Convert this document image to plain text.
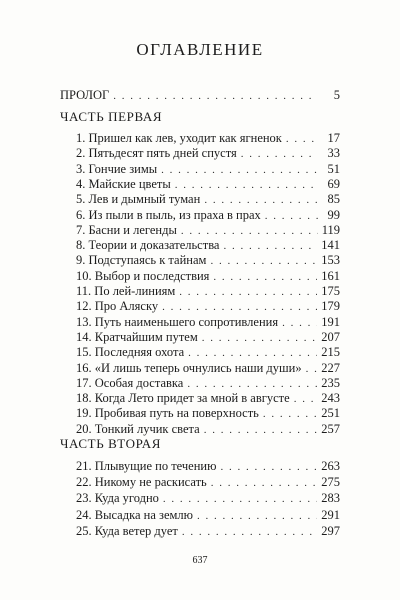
ОГЛАВЛЕНИЕ
ПРОЛОГ . . .	5
ЧАСТЬ ПЕРВАЯ
1. Пришел как лев, уходит как ягненок . . .	17
2. Пятьдесят пять дней спустя . . .	33
3. Гончие зимы . . .	51
4. Майские цветы . . .	69
5. Лев и дымный туман . . .	85
6. Из пыли в пыль, из праха в прах . . .	99
7. Басни и легенды . . .	119
8. Теории и доказательства . . .	141
9. Подступаясь к тайнам . . .	153
10. Выбор и последствия . . .	161
11. По лей-линиям . . .	175
12. Про Аляску . . .	179
13. Путь наименьшего сопротивления . . .	191
14. Кратчайшим путем . . .	207
15. Последняя охота . . .	215
16. «И лишь теперь очнулись наши души» . . . 227
17. Особая доставка . . .	235
18. Когда Лето придет за мной в августе . . .	243
19. Пробивая путь на поверхность . . .	251
20. Тонкий лучик света . . .	257
ЧАСТЬ ВТОРАЯ
21. Плывущие по течению . . .	263
22. Никому не раскисать . . .	275
23. Куда угодно . . .	283
24. Высадка на землю . . .	291
25. Куда ветер дует . . .	297
637
